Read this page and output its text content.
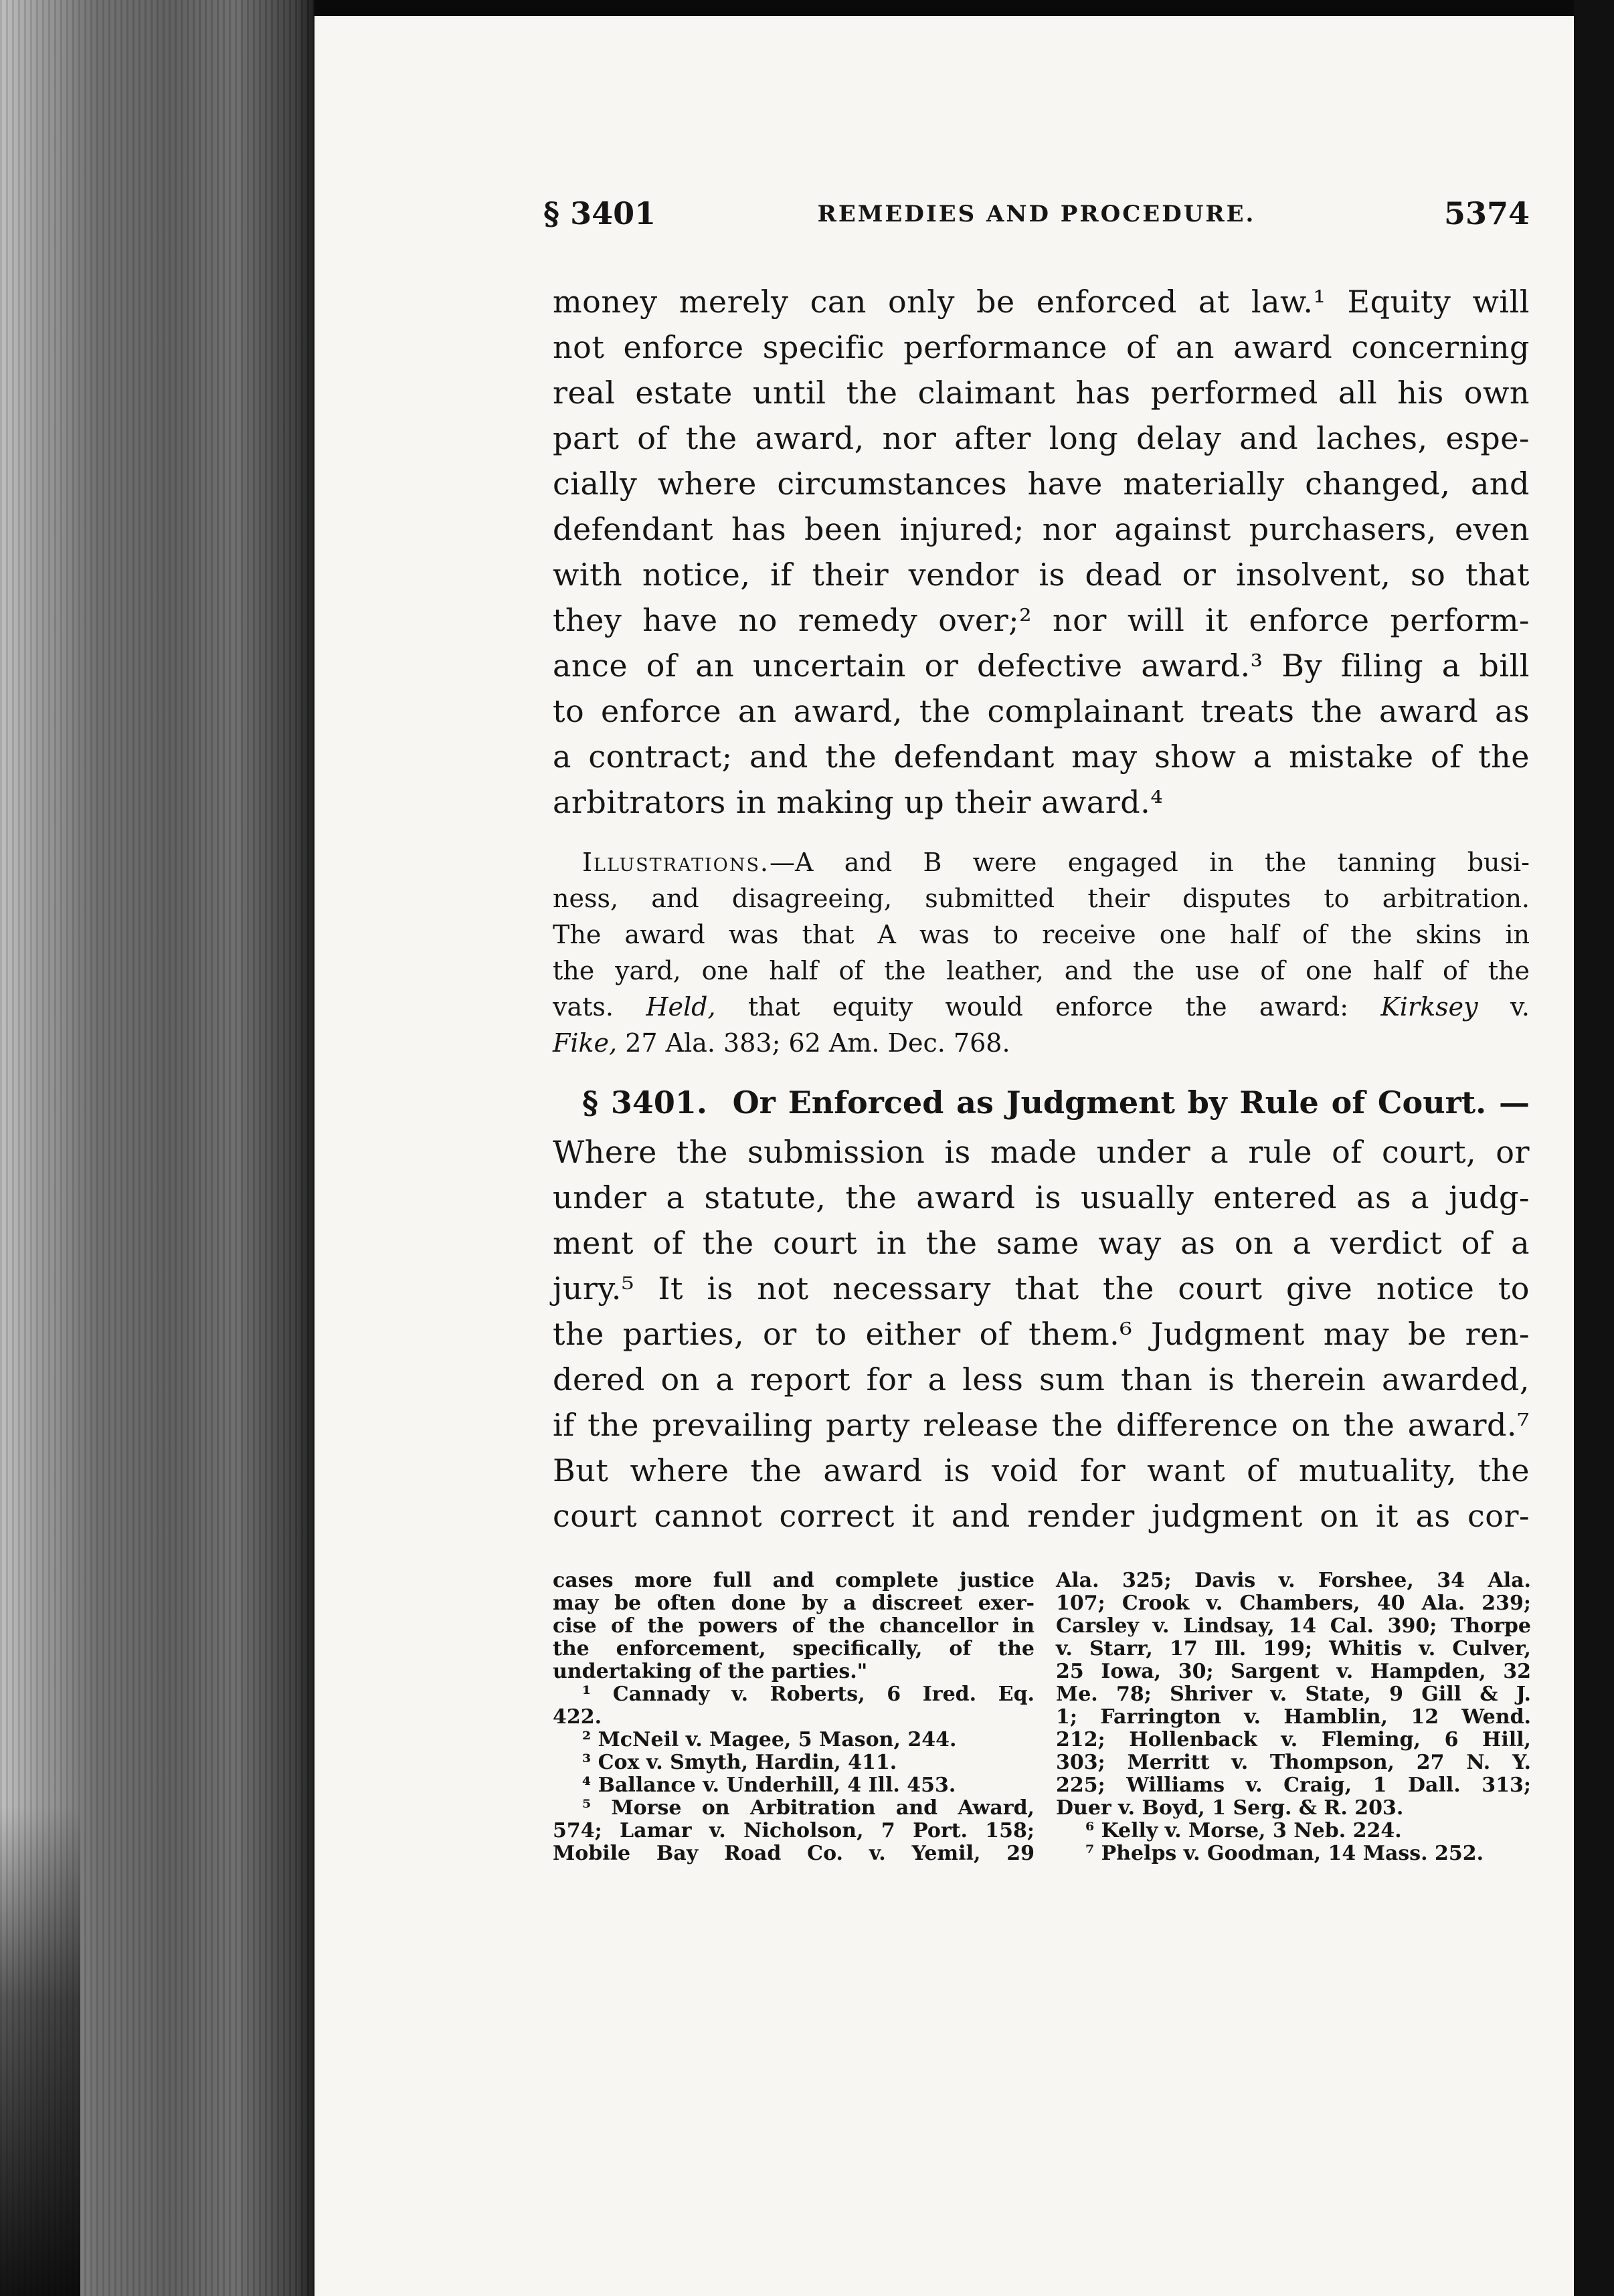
§ 3401	REMEDIES AND PROCEDURE.	5374
money merely can only be enforced at law.¹ Equity will
not enforce specific performance of an award concerning
real estate until the claimant has performed all his own
part of the award, nor after long delay and laches, espe-
cially where circumstances have materially changed, and
defendant has been injured; nor against purchasers, even
with notice, if their vendor is dead or insolvent, so that
they have no remedy over;² nor will it enforce perform-
ance of an uncertain or defective award.³ By filing a bill
to enforce an award, the complainant treats the award as
a contract; and the defendant may show a mistake of the
arbitrators in making up their award.⁴
Illustrations.—A and B were engaged in the tanning busi-
ness, and disagreeing, submitted their disputes to arbitration.
The award was that A was to receive one half of the skins in
the yard, one half of the leather, and the use of one half of the
vats. Held, that equity would enforce the award: Kirksey v.
Fike, 27 Ala. 383; 62 Am. Dec. 768.
§ 3401. Or Enforced as Judgment by Rule of Court. —
Where the submission is made under a rule of court, or
under a statute, the award is usually entered as a judg-
ment of the court in the same way as on a verdict of a
jury.⁵ It is not necessary that the court give notice to
the parties, or to either of them.⁶ Judgment may be ren-
dered on a report for a less sum than is therein awarded,
if the prevailing party release the difference on the award.⁷
But where the award is void for want of mutuality, the
court cannot correct it and render judgment on it as cor-
cases more full and complete justice
may be often done by a discreet exer-
cise of the powers of the chancellor in
the enforcement, specifically, of the
undertaking of the parties."
¹ Cannady v. Roberts, 6 Ired. Eq.
422.
² McNeil v. Magee, 5 Mason, 244.
³ Cox v. Smyth, Hardin, 411.
⁴ Ballance v. Underhill, 4 Ill. 453.
⁵ Morse on Arbitration and Award,
574; Lamar v. Nicholson, 7 Port. 158;
Mobile Bay Road Co. v. Yemil, 29
Ala. 325; Davis v. Forshee, 34 Ala.
107; Crook v. Chambers, 40 Ala. 239;
Carsley v. Lindsay, 14 Cal. 390; Thorpe
v. Starr, 17 Ill. 199; Whitis v. Culver,
25 Iowa, 30; Sargent v. Hampden, 32
Me. 78; Shriver v. State, 9 Gill & J.
1; Farrington v. Hamblin, 12 Wend.
212; Hollenback v. Fleming, 6 Hill,
303; Merritt v. Thompson, 27 N. Y.
225; Williams v. Craig, 1 Dall. 313;
Duer v. Boyd, 1 Serg. & R. 203.
⁶ Kelly v. Morse, 3 Neb. 224.
⁷ Phelps v. Goodman, 14 Mass. 252.
